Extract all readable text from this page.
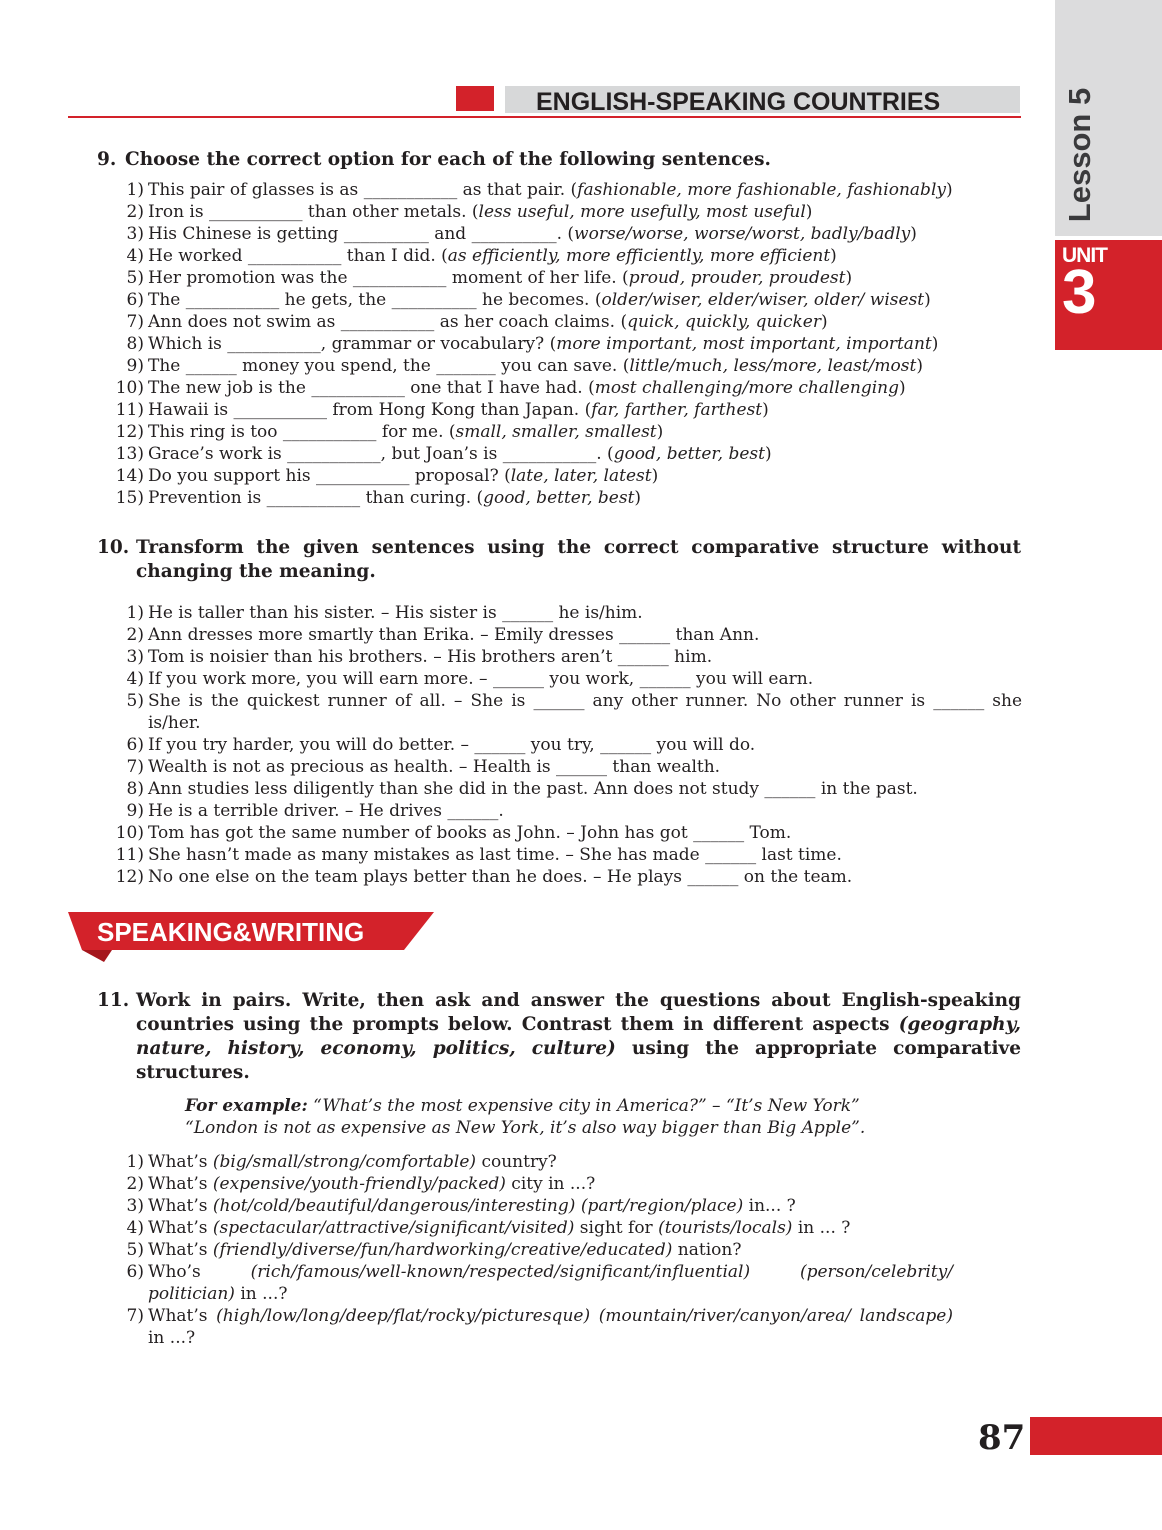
Lesson 5
UNIT
3
ENGLISH-SPEAKING COUNTRIES
9. Choose the correct option for each of the following sentences.
1) This pair of glasses is as ___________ as that pair. (fashionable, more fashionable, fashionably)
2) Iron is ___________ than other metals. (less useful, more usefully, most useful)
3) His Chinese is getting __________ and __________. (worse/worse, worse/worst, badly/badly)
4) He worked ___________ than I did. (as efficiently, more efficiently, more efficient)
5) Her promotion was the ___________ moment of her life. (proud, prouder, proudest)
6) The ___________ he gets, the __________ he becomes. (older/wiser, elder/wiser, older/ wisest)
7) Ann does not swim as ___________ as her coach claims. (quick, quickly, quicker)
8) Which is ___________, grammar or vocabulary? (more important, most important, important)
9) The ______ money you spend, the _______ you can save. (little/much, less/more, least/most)
10) The new job is the ___________ one that I have had. (most challenging/more challenging)
11) Hawaii is ___________ from Hong Kong than Japan. (far, farther, farthest)
12) This ring is too ___________ for me. (small, smaller, smallest)
13) Grace’s work is ___________, but Joan’s is ___________. (good, better, best)
14) Do you support his ___________ proposal? (late, later, latest)
15) Prevention is ___________ than curing. (good, better, best)
10. Transform the given sentences using the correct comparative structure without changing the meaning.
1) He is taller than his sister. – His sister is ______ he is/him.
2) Ann dresses more smartly than Erika. – Emily dresses ______ than Ann.
3) Tom is noisier than his brothers. – His brothers aren’t ______ him.
4) If you work more, you will earn more. – ______ you work, ______ you will earn.
5) She is the quickest runner of all. – She is ______ any other runner. No other runner is ______ she is/her.
6) If you try harder, you will do better. – ______ you try, ______ you will do.
7) Wealth is not as precious as health. – Health is ______ than wealth.
8) Ann studies less diligently than she did in the past. Ann does not study ______ in the past.
9) He is a terrible driver. – He drives ______.
10) Tom has got the same number of books as John. – John has got ______ Tom.
11) She hasn’t made as many mistakes as last time. – She has made ______ last time.
12) No one else on the team plays better than he does. – He plays ______ on the team.
SPEAKING&WRITING
11. Work in pairs. Write, then ask and answer the questions about English-speaking countries using the prompts below. Contrast them in different aspects (geography, nature, history, economy, politics, culture) using the appropriate comparative structures.
For example: “What’s the most expensive city in America?” – “It’s New York”
“London is not as expensive as New York, it’s also way bigger than Big Apple”.
1) What’s (big/small/strong/comfortable) country?
2) What’s (expensive/youth-friendly/packed) city in ...?
3) What’s (hot/cold/beautiful/dangerous/interesting) (part/region/place) in... ?
4) What’s (spectacular/attractive/significant/visited) sight for (tourists/locals) in ... ?
5) What’s (friendly/diverse/fun/hardworking/creative/educated) nation?
6) Who’s (rich/famous/well-known/respected/significant/influential)	(person/celebrity/ politician) in ...?
7) What’s (high/low/long/deep/flat/rocky/picturesque) (mountain/river/canyon/area/ landscape) in ...?
87
